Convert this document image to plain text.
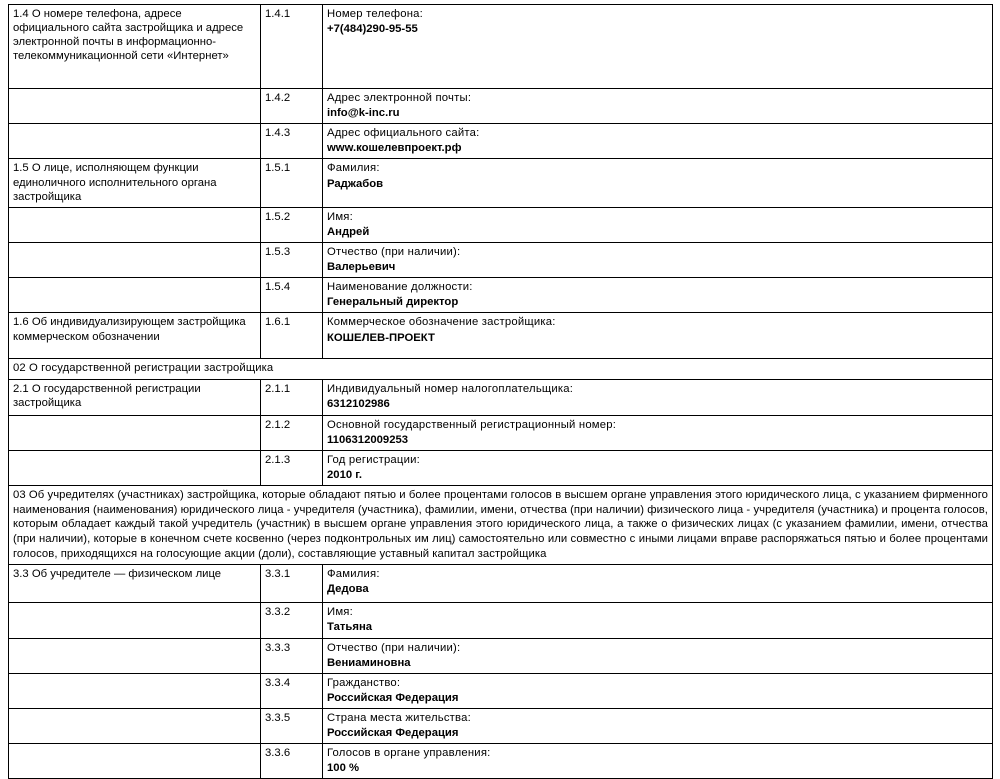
1.4 О номере телефона, адресе официального сайта застройщика и адресе электронной почты в информационно-телекоммуникационной сети «Интернет»	1.4.1	Номер телефона:
+7(484)290-95-55

	1.4.2	Адрес электронной почты:
info@k-inc.ru

	1.4.3	Адрес официального сайта:
www.кошелевпроект.рф

1.5 О лице, исполняющем функции единоличного исполнительного органа застройщика	1.5.1	Фамилия:
Раджабов

	1.5.2	Имя:
Андрей

	1.5.3	Отчество (при наличии):
Валерьевич

	1.5.4	Наименование должности:
Генеральный директор

1.6 Об индивидуализирующем застройщика коммерческом обозначении	1.6.1	Коммерческое обозначение застройщика:
КОШЕЛЕВ-ПРОЕКТ

02 О государственной регистрации застройщика		
2.1 О государственной регистрации застройщика	2.1.1	Индивидуальный номер налогоплательщика:
6312102986

	2.1.2	Основной государственный регистрационный номер:
1106312009253

	2.1.3	Год регистрации:
2010 г.

03 Об учредителях (участниках) застройщика, которые обладают пятью и более процентами голосов в высшем органе управления этого юридического лица, с указанием фирменного наименования (наименования) юридического лица - учредителя (участника), фамилии, имени, отчества (при наличии) физического лица - учредителя (участника) и процента голосов, которым обладает каждый такой учредитель (участник) в высшем органе управления этого юридического лица, а также о физических лицах (с указанием фамилии, имени, отчества (при наличии), которые в конечном счете косвенно (через подконтрольных им лиц) самостоятельно или совместно с иными лицами вправе распоряжаться пятью и более процентами голосов, приходящихся на голосующие акции (доли), составляющие уставный капитал застройщика		
3.3 Об учредителе — физическом лице	3.3.1	Фамилия:
Дедова

	3.3.2	Имя:
Татьяна

	3.3.3	Отчество (при наличии):
Вениаминовна

	3.3.4	Гражданство:
Российская Федерация

	3.3.5	Страна места жительства:
Российская Федерация

	3.3.6	Голосов в органе управления:
100 %
